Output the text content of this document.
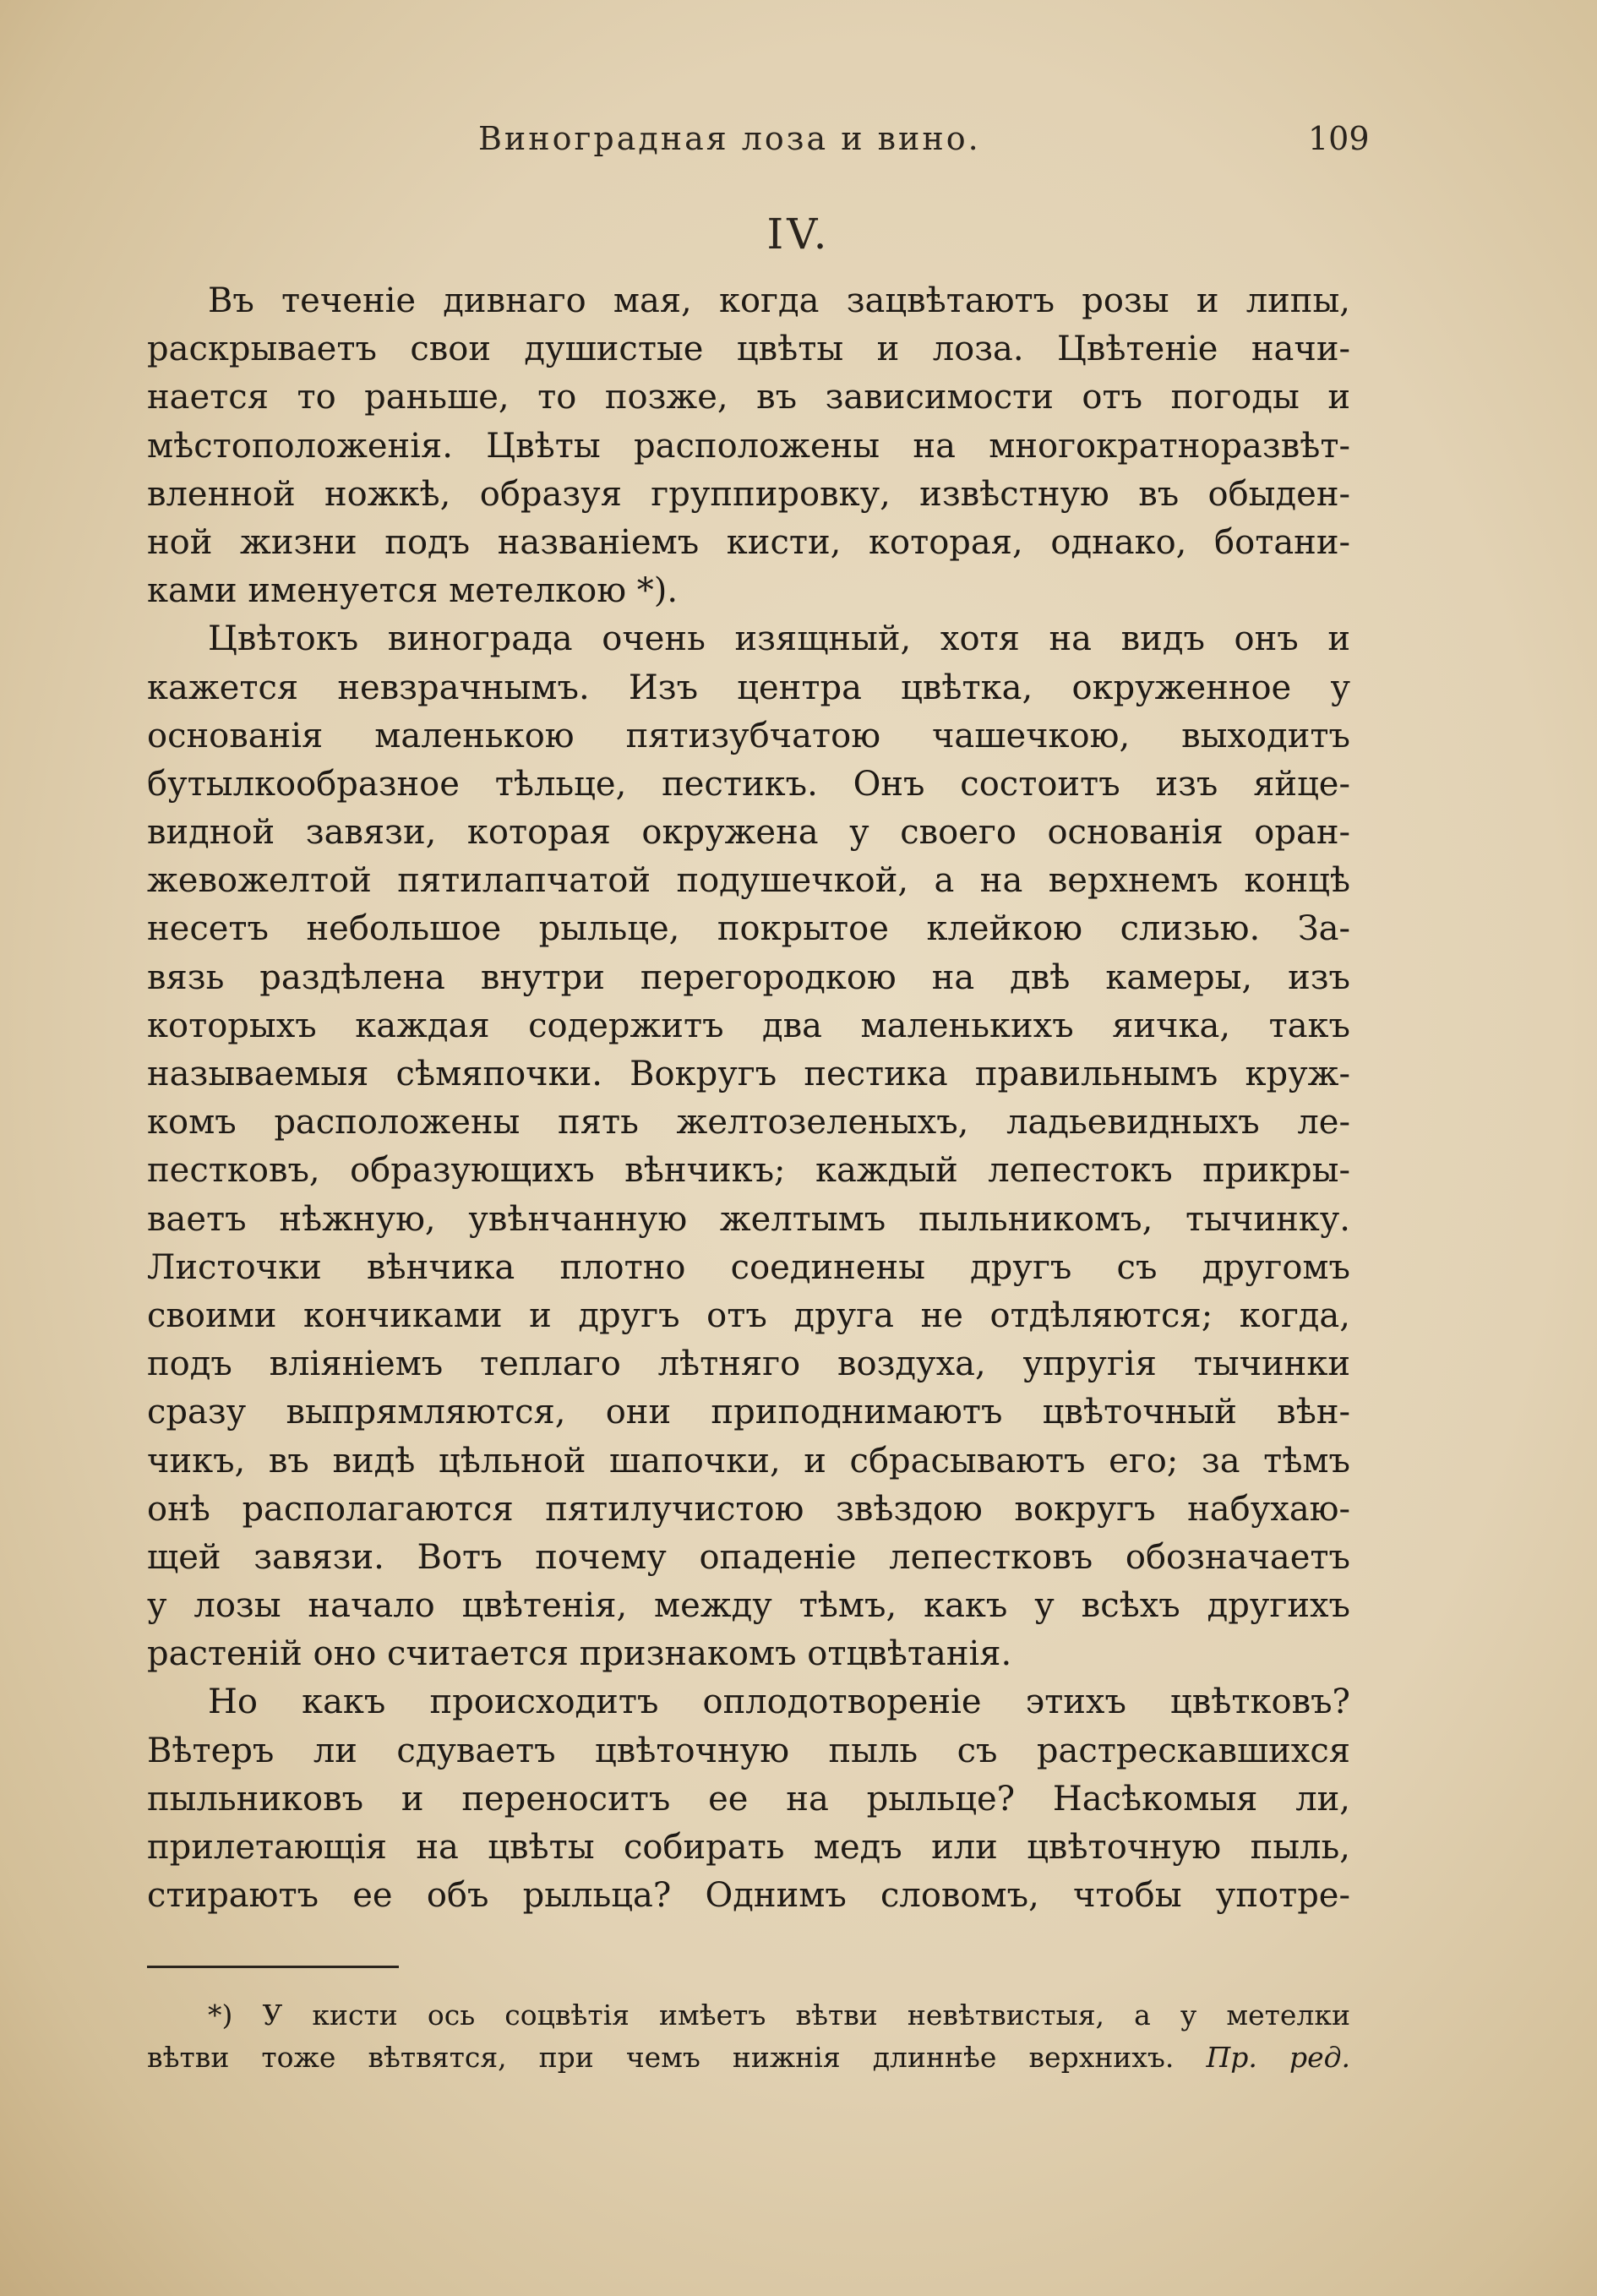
Виноградная лоза и вино.	109
IV.
Въ теченіе дивнаго мая, когда зацвѣтаютъ розы и липы,
раскрываетъ свои душистые цвѣты и лоза. Цвѣтеніе начи-
нается то раньше, то позже, въ зависимости отъ погоды и
мѣстоположенія. Цвѣты расположены на многократноразвѣт-
вленной ножкѣ, образуя группировку, извѣстную въ обыден-
ной жизни подъ названіемъ кисти, которая, однако, ботани-
ками именуется метелкою *).
Цвѣтокъ винограда очень изящный, хотя на видъ онъ и
кажется невзрачнымъ. Изъ центра цвѣтка, окруженное у
основанія маленькою пятизубчатою чашечкою, выходитъ
бутылкообразное тѣльце, пестикъ. Онъ состоитъ изъ яйце-
видной завязи, которая окружена у своего основанія оран-
жевожелтой пятилапчатой подушечкой, а на верхнемъ концѣ
несетъ небольшое рыльце, покрытое клейкою слизью. За-
вязь раздѣлена внутри перегородкою на двѣ камеры, изъ
которыхъ каждая содержитъ два маленькихъ яичка, такъ
называемыя сѣмяпочки. Вокругъ пестика правильнымъ круж-
комъ расположены пять желтозеленыхъ, ладьевидныхъ ле-
пестковъ, образующихъ вѣнчикъ; каждый лепестокъ прикры-
ваетъ нѣжную, увѣнчанную желтымъ пыльникомъ, тычинку.
Листочки вѣнчика плотно соединены другъ съ другомъ
своими кончиками и другъ отъ друга не отдѣляются; когда,
подъ вліяніемъ теплаго лѣтняго воздуха, упругія тычинки
сразу выпрямляются, они приподнимаютъ цвѣточный вѣн-
чикъ, въ видѣ цѣльной шапочки, и сбрасываютъ его; за тѣмъ
онѣ располагаются пятилучистою звѣздою вокругъ набухаю-
щей завязи. Вотъ почему опаденіе лепестковъ обозначаетъ
у лозы начало цвѣтенія, между тѣмъ, какъ у всѣхъ другихъ
растеній оно считается признакомъ отцвѣтанія.
Но какъ происходитъ оплодотвореніе этихъ цвѣтковъ?
Вѣтеръ ли сдуваетъ цвѣточную пыль съ растрескавшихся
пыльниковъ и переноситъ ее на рыльце? Насѣкомыя ли,
прилетающія на цвѣты собирать медъ или цвѣточную пыль,
стираютъ ее объ рыльца? Однимъ словомъ, чтобы употре-
*) У кисти ось соцвѣтія имѣетъ вѣтви невѣтвистыя, а у метелки
вѣтви тоже вѣтвятся, при чемъ нижнія длиннѣе верхнихъ. Пр. ред.
